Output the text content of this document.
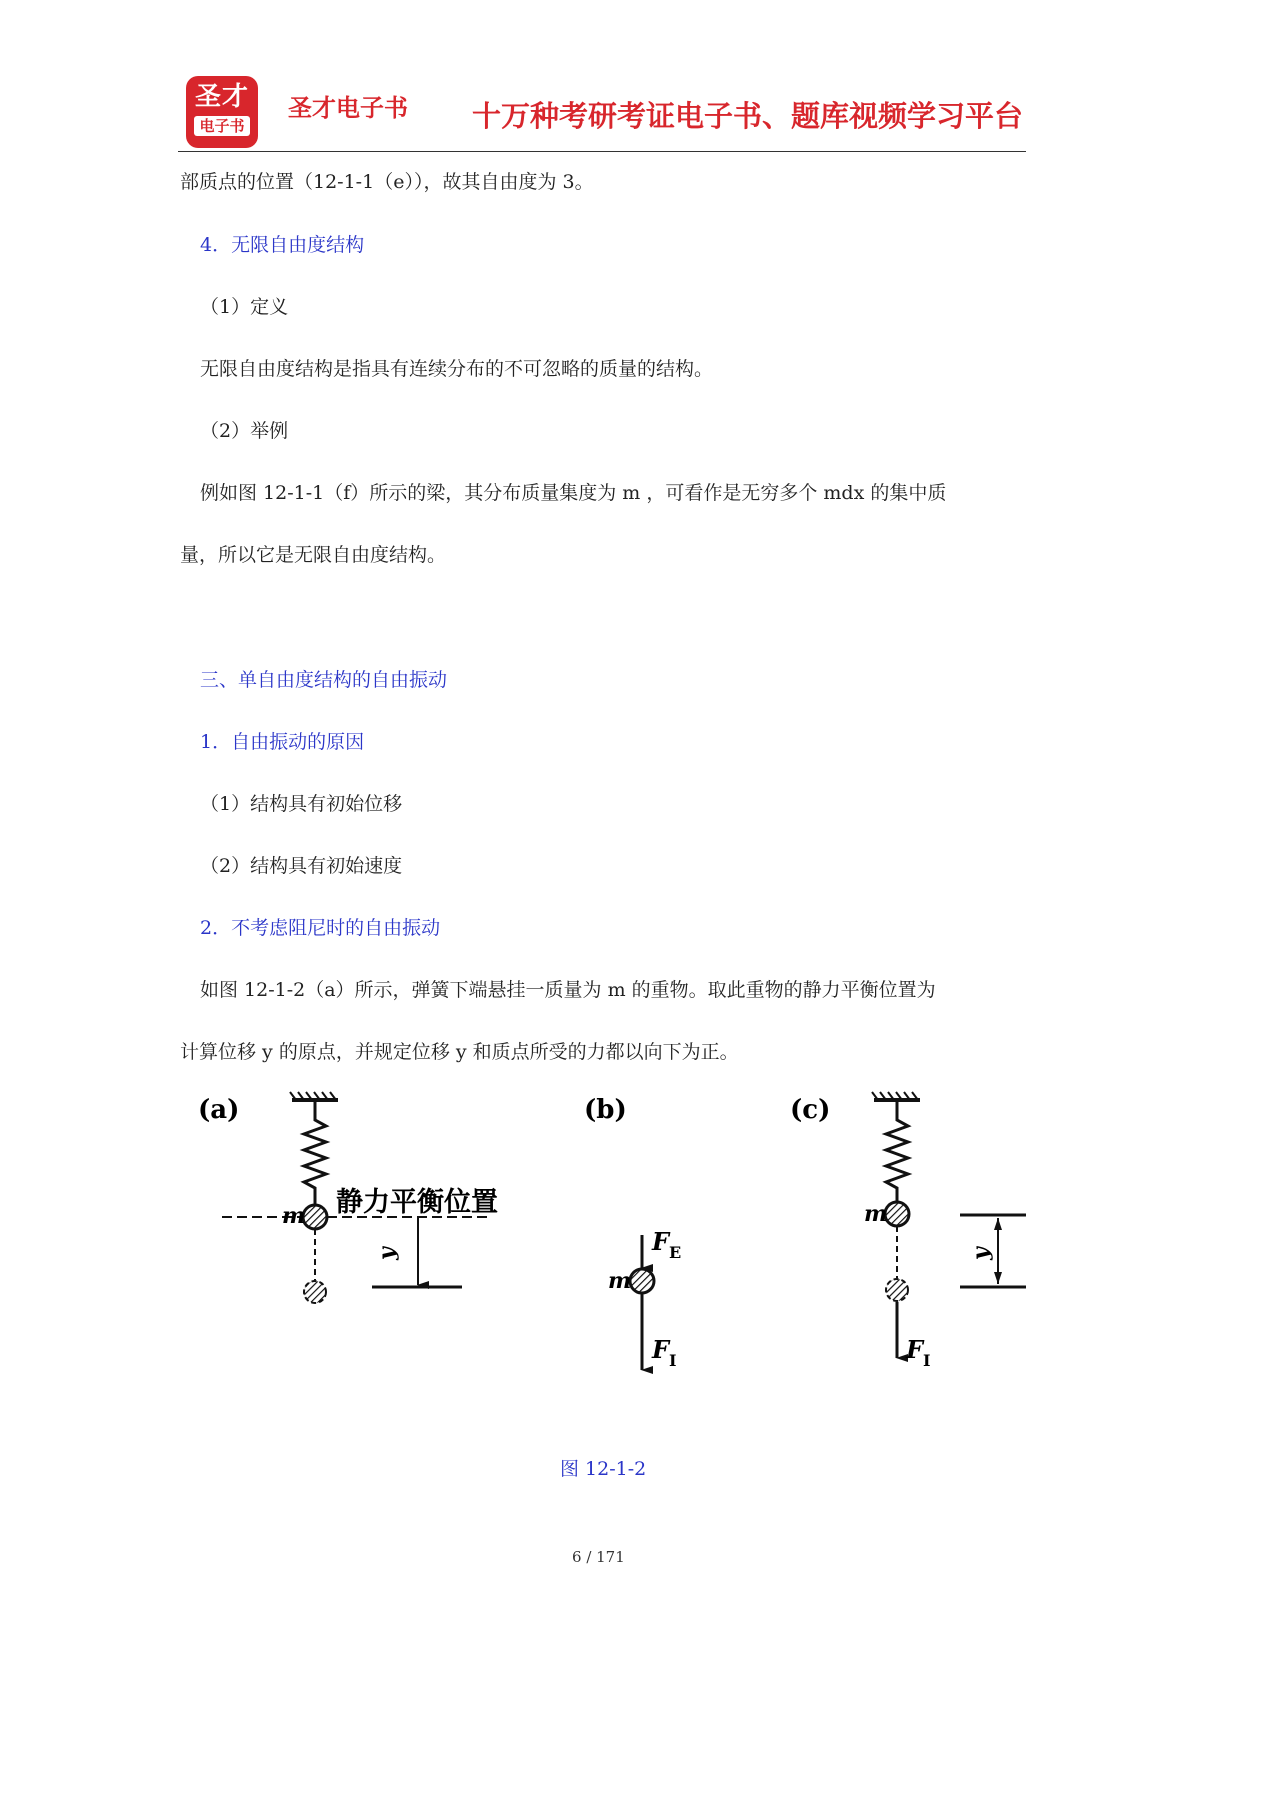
圣才
电子书
圣才电子书 十万种考研考证电子书、题库视频学习平台
部质点的位置（12-1-1（e）），故其自由度为 3。
4．无限自由度结构
（1）定义
无限自由度结构是指具有连续分布的不可忽略的质量的结构。
（2）举例
例如图 12-1-1（f）所示的梁，其分布质量集度为 m ，可看作是无穷多个 mdx 的集中质
量，所以它是无限自由度结构。
三、单自由度结构的自由振动
1．自由振动的原因
（1）结构具有初始位移
（2）结构具有初始速度
2．不考虑阻尼时的自由振动
如图 12-1-2（a）所示，弹簧下端悬挂一质量为 m 的重物。取此重物的静力平衡位置为
计算位移 y 的原点，并规定位移 y 和质点所受的力都以向下为正。
(a)
m 静力平衡位置
y
(b)
$F_E$
m
$F_I$
(c)
m
$F_I$
y
图 12-1-2
6 / 171
